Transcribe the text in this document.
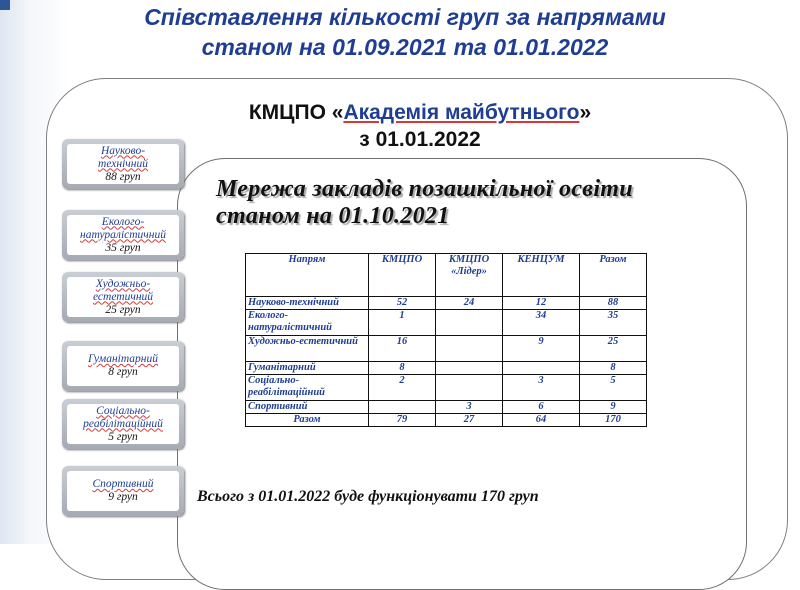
Співставлення кількості груп за напрямами
станом на 01.09.2021 та 01.01.2022
КМЦПО «Академія майбутнього»
з 01.01.2022
Мережа закладів позашкільної освіти
станом на 01.10.2021
Науково-технічний
88 груп
Еколого-натуралістичний
35 груп
Художньо-естетичний
25 груп
Гуманітарний
8 груп
Соціально-реабілітаційний
5 груп
Спортивний
9 груп
Напрям	КМЦПО	КМЦПО «Лідер»	КЕНЦУМ	Разом
Науково-технічний	52	24	12	88
Еколого-натуралістичний	1		34	35
Художньо-естетичний	16		9	25
Гуманітарний	8			8
Соціально-реабілітаційний	2		3	5
Спортивний		3	6	9
Разом	79	27	64	170
Всього з 01.01.2022 буде функціонувати 170 груп
